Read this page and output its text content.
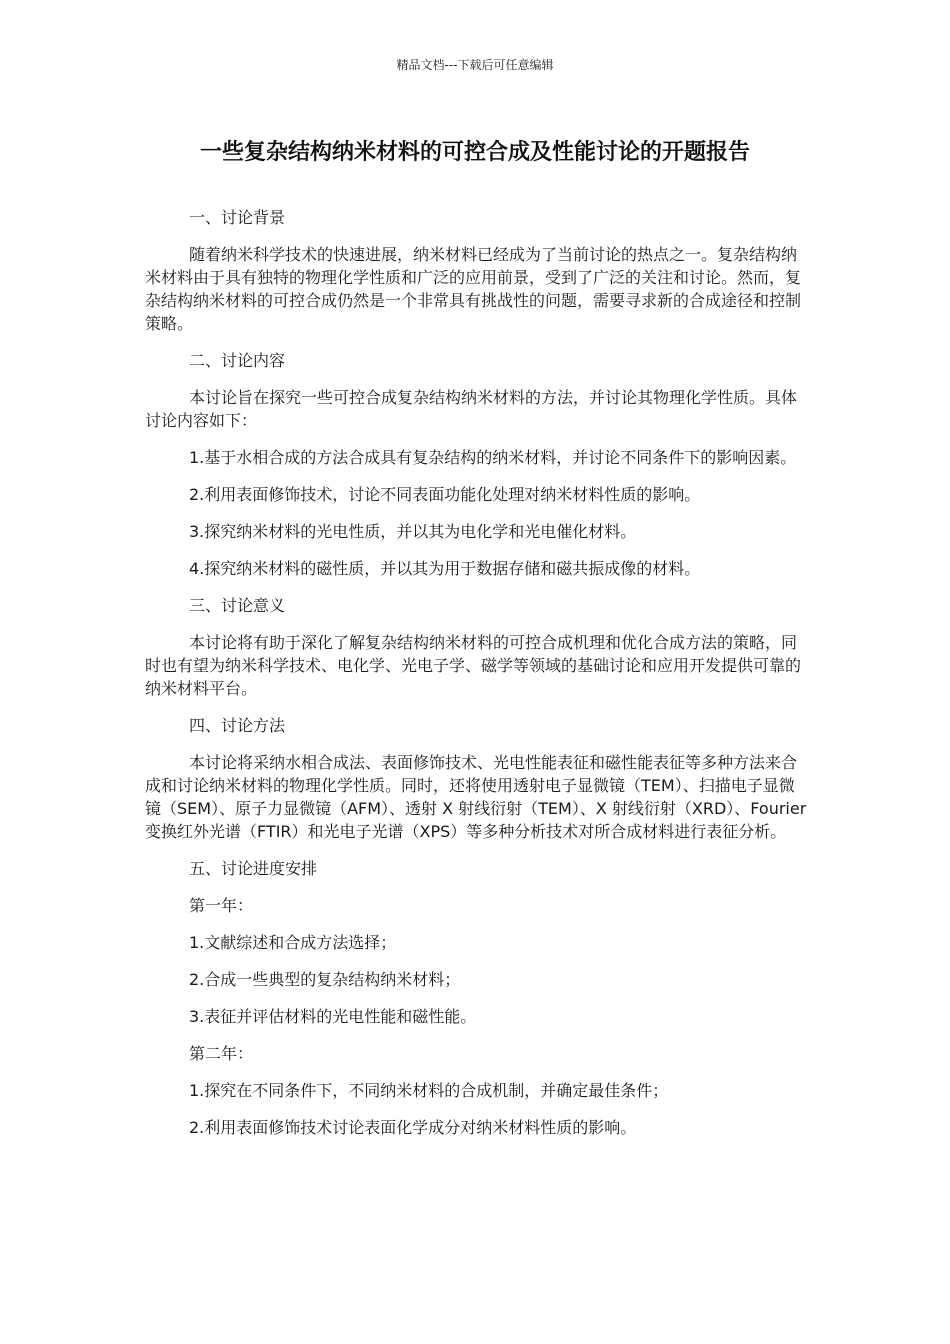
精品文档---下载后可任意编辑
一些复杂结构纳米材料的可控合成及性能讨论的开题报告

一、讨论背景

随着纳米科学技术的快速进展，纳米材料已经成为了当前讨论的热点之一。复杂结构纳米材料由于具有独特的物理化学性质和广泛的应用前景，受到了广泛的关注和讨论。然而，复杂结构纳米材料的可控合成仍然是一个非常具有挑战性的问题，需要寻求新的合成途径和控制策略。

二、讨论内容

本讨论旨在探究一些可控合成复杂结构纳米材料的方法，并讨论其物理化学性质。具体讨论内容如下：

1.基于水相合成的方法合成具有复杂结构的纳米材料，并讨论不同条件下的影响因素。

2.利用表面修饰技术，讨论不同表面功能化处理对纳米材料性质的影响。

3.探究纳米材料的光电性质，并以其为电化学和光电催化材料。

4.探究纳米材料的磁性质，并以其为用于数据存储和磁共振成像的材料。

三、讨论意义

本讨论将有助于深化了解复杂结构纳米材料的可控合成机理和优化合成方法的策略，同时也有望为纳米科学技术、电化学、光电子学、磁学等领域的基础讨论和应用开发提供可靠的纳米材料平台。

四、讨论方法

本讨论将采纳水相合成法、表面修饰技术、光电性能表征和磁性能表征等多种方法来合成和讨论纳米材料的物理化学性质。同时，还将使用透射电子显微镜（TEM）、扫描电子显微镜（SEM）、原子力显微镜（AFM）、透射 X 射线衍射（TEM）、X 射线衍射（XRD）、Fourier 变换红外光谱（FTIR）和光电子光谱（XPS）等多种分析技术对所合成材料进行表征分析。

五、讨论进度安排

第一年：

1.文献综述和合成方法选择；

2.合成一些典型的复杂结构纳米材料；

3.表征并评估材料的光电性能和磁性能。

第二年：

1.探究在不同条件下，不同纳米材料的合成机制，并确定最佳条件；

2.利用表面修饰技术讨论表面化学成分对纳米材料性质的影响。
